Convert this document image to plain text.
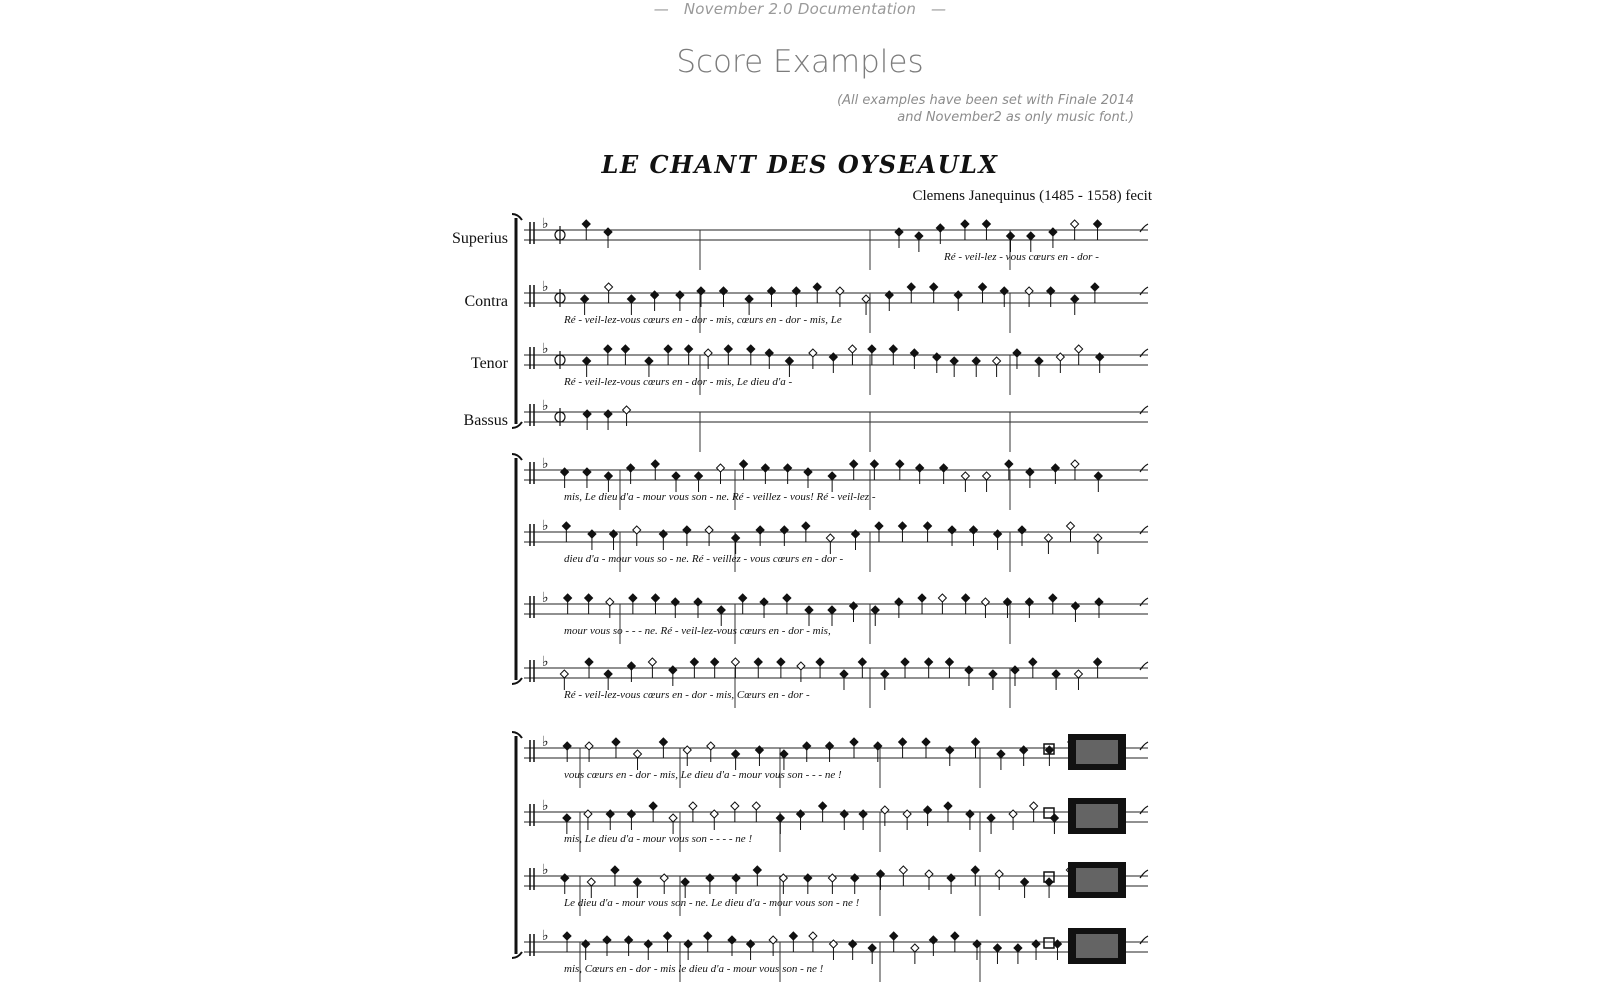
— November 2.0 Documentation —
Score Examples
(All examples have been set with Finale 2014
and November2 as only music font.)
LE CHANT DES OYSEAULX
Clemens Janequinus (1485 - 1558) fecit
♭
Ré - veil-lez - vous cœurs en - dor -
♭
Ré - veil-lez-vous cœurs en - dor - mis, cœurs en - dor - mis, Le
♭
Ré - veil-lez-vous cœurs en - dor - mis, Le dieu d'a -
♭
Superius
Contra
Tenor
Bassus
♭
mis, Le dieu d'a - mour vous son - ne. Ré - veillez - vous! Ré - veil-lez -
♭
dieu d'a - mour vous so - ne. Ré - veillez - vous cœurs en - dor -
♭
mour vous so - - - ne. Ré - veil-lez-vous cœurs en - dor - mis,
♭
Ré - veil-lez-vous cœurs en - dor - mis, Cœurs en - dor -
♭
vous cœurs en - dor - mis, Le dieu d'a - mour vous son - - - ne !
♭
mis, Le dieu d'a - mour vous son - - - - ne !
♭
Le dieu d'a - mour vous son - ne. Le dieu d'a - mour vous son - ne !
♭
mis, Cœurs en - dor - mis le dieu d'a - mour vous son - ne !
